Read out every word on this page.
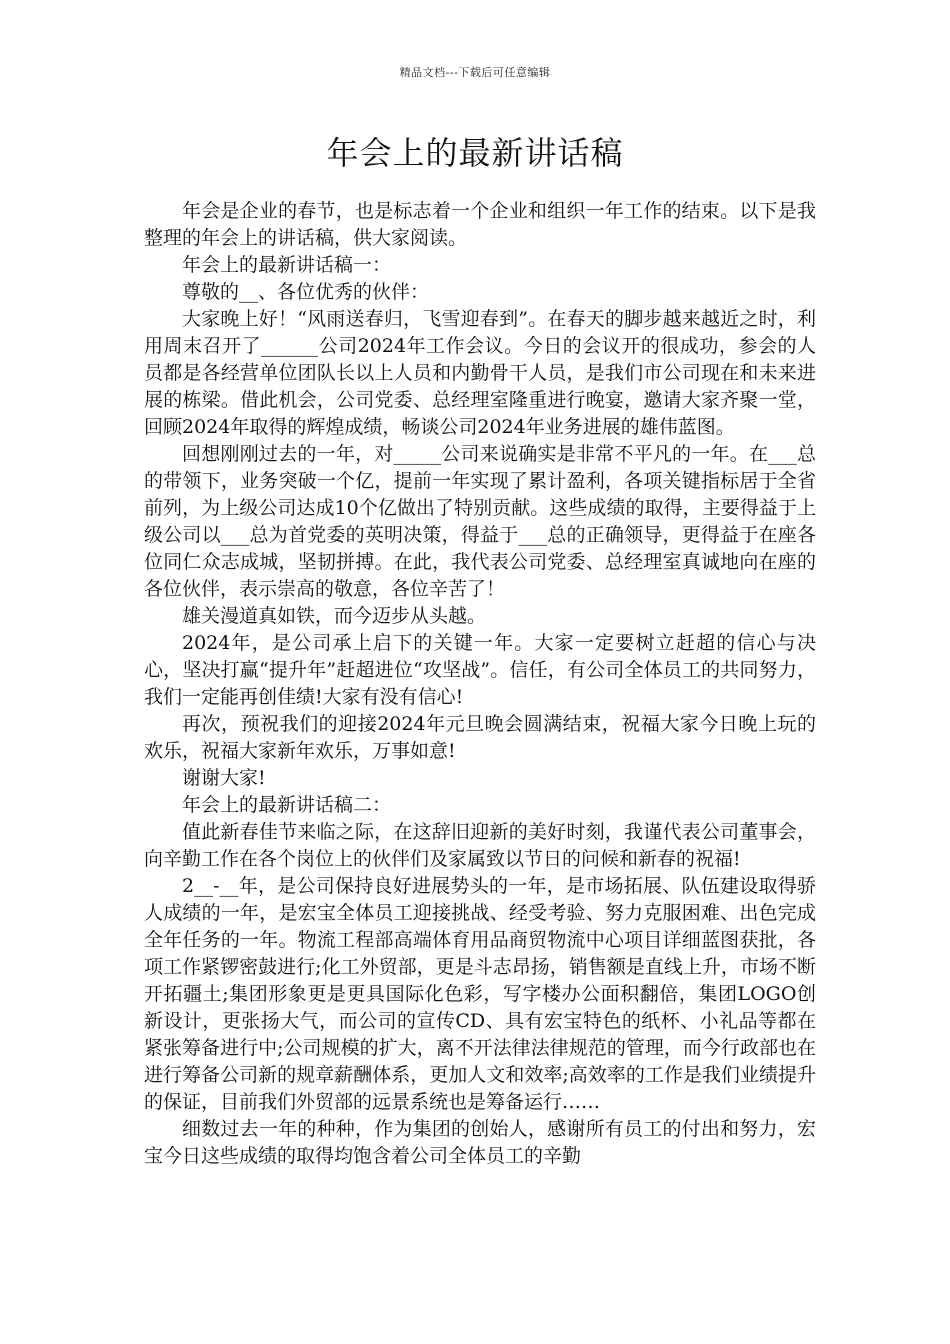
精品文档---下载后可任意编辑
年会上的最新讲话稿

年会是企业的春节，也是标志着一个企业和组织一年工作的结束。以下是我整理的年会上的讲话稿，供大家阅读。

年会上的最新讲话稿一：

尊敬的__、各位优秀的伙伴：

大家晚上好！“风雨送春归，飞雪迎春到”。在春天的脚步越来越近之时，利用周末召开了______公司2024年工作会议。今日的会议开的很成功，参会的人员都是各经营单位团队长以上人员和内勤骨干人员，是我们市公司现在和未来进展的栋梁。借此机会，公司党委、总经理室隆重进行晚宴，邀请大家齐聚一堂，回顾2024年取得的辉煌成绩，畅谈公司2024年业务进展的雄伟蓝图。

回想刚刚过去的一年，对_____公司来说确实是非常不平凡的一年。在___总的带领下，业务突破一个亿，提前一年实现了累计盈利，各项关键指标居于全省前列，为上级公司达成10个亿做出了特别贡献。这些成绩的取得，主要得益于上级公司以___总为首党委的英明决策，得益于___总的正确领导，更得益于在座各位同仁众志成城，坚韧拼搏。在此，我代表公司党委、总经理室真诚地向在座的各位伙伴，表示崇高的敬意，各位辛苦了！

雄关漫道真如铁，而今迈步从头越。

2024年，是公司承上启下的关键一年。大家一定要树立赶超的信心与决心，坚决打赢“提升年”赶超进位“攻坚战”。信任，有公司全体员工的共同努力，我们一定能再创佳绩!大家有没有信心!

再次，预祝我们的迎接2024年元旦晚会圆满结束，祝福大家今日晚上玩的欢乐，祝福大家新年欢乐，万事如意!

谢谢大家!

年会上的最新讲话稿二：

值此新春佳节来临之际，在这辞旧迎新的美好时刻，我谨代表公司董事会，向辛勤工作在各个岗位上的伙伴们及家属致以节日的问候和新春的祝福!

2__-__年，是公司保持良好进展势头的一年，是市场拓展、队伍建设取得骄人成绩的一年，是宏宝全体员工迎接挑战、经受考验、努力克服困难、出色完成全年任务的一年。物流工程部高端体育用品商贸物流中心项目详细蓝图获批，各项工作紧锣密鼓进行;化工外贸部，更是斗志昂扬，销售额是直线上升，市场不断开拓疆土;集团形象更是更具国际化色彩，写字楼办公面积翻倍，集团LOGO创新设计，更张扬大气，而公司的宣传CD、具有宏宝特色的纸杯、小礼品等都在紧张筹备进行中;公司规模的扩大，离不开法律法律规范的管理，而今行政部也在进行筹备公司新的规章薪酬体系，更加人文和效率;高效率的工作是我们业绩提升的保证，目前我们外贸部的远景系统也是筹备运行……

细数过去一年的种种，作为集团的创始人，感谢所有员工的付出和努力，宏宝今日这些成绩的取得均饱含着公司全体员工的辛勤
